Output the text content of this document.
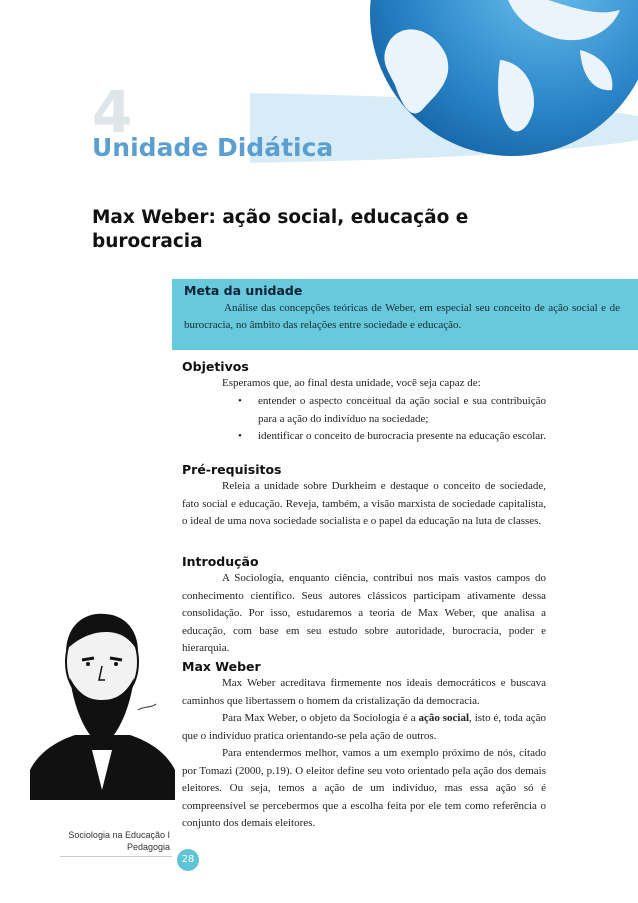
4
Unidade Didática
Max Weber: ação social, educação e burocracia
Meta da unidade
Análise das concepções teóricas de Weber, em especial seu conceito de ação social e de burocracia, no âmbito das relações entre sociedade e educação.
Objetivos

Esperamos que, ao final desta unidade, você seja capaz de:

• entender o aspecto conceitual da ação social e sua contribuição para a ação do indivíduo na sociedade;
• identificar o conceito de burocracia presente na educação escolar.
Pré-requisitos

Releia a unidade sobre Durkheim e destaque o conceito de sociedade, fato social e educação. Reveja, também, a visão marxista de sociedade capitalista, o ideal de uma nova sociedade socialista e o papel da educação na luta de classes.

Introdução

A Sociologia, enquanto ciência, contribui nos mais vastos campos do conhecimento científico. Seus autores clássicos participam ativamente dessa consolidação. Por isso, estudaremos a teoria de Max Weber, que analisa a educação, com base em seu estudo sobre autoridade, burocracia, poder e hierarquia.

Max Weber

Max Weber acreditava firmemente nos ideais democráticos e buscava caminhos que libertassem o homem da cristalização da democracia.

Para Max Weber, o objeto da Sociologia é a ação social, isto é, toda ação que o indivíduo pratica orientando-se pela ação de outros.

Para entendermos melhor, vamos a um exemplo próximo de nós, citado por Tomazi (2000, p.19). O eleitor define seu voto orientado pela ação dos demais eleitores. Ou seja, temos a ação de um indivíduo, mas essa ação só é compreensível se percebermos que a escolha feita por ele tem como referência o conjunto dos demais eleitores.

Sociologia na Educação I
Pedagogia
28
